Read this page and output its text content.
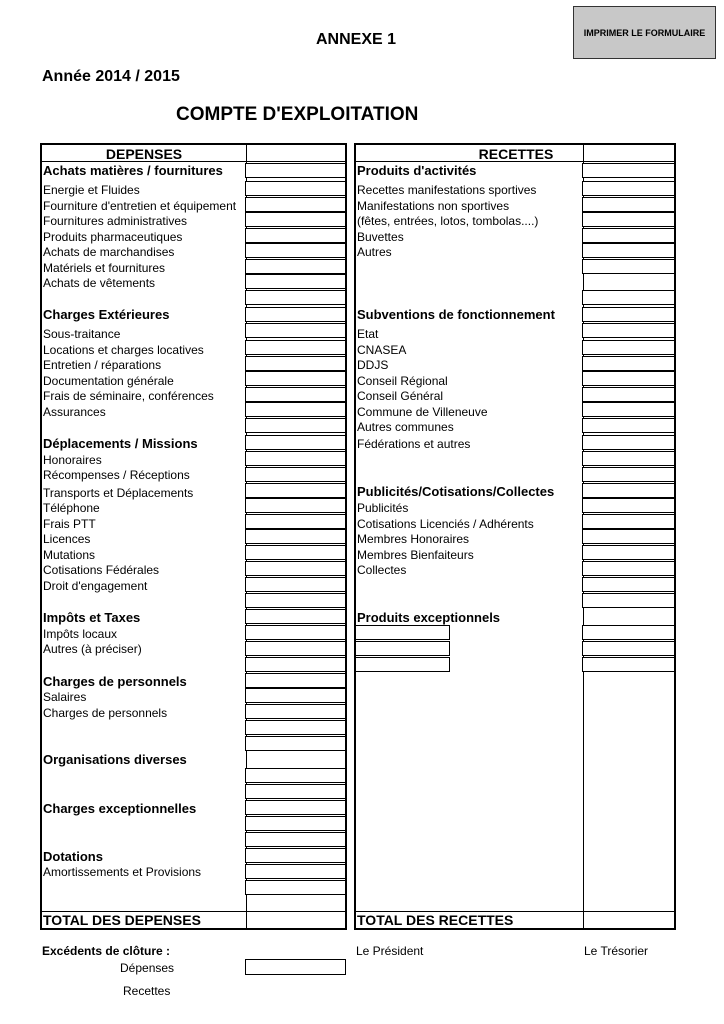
IMPRIMER LE FORMULAIRE
ANNEXE 1
Année 2014 / 2015
COMPTE D'EXPLOITATION
DEPENSES
Achats matières / fournitures
Energie et Fluides
Fourniture d'entretien et équipement
Fournitures administratives
Produits pharmaceutiques
Achats de marchandises
Matériels et fournitures
Achats de vêtements
Charges Extérieures
Sous-traitance
Locations et charges locatives
Entretien / réparations
Documentation générale
Frais de séminaire, conférences
Assurances
Déplacements / Missions
Honoraires
Récompenses / Réceptions
Transports et Déplacements
Téléphone
Frais PTT
Licences
Mutations
Cotisations Fédérales
Droit d'engagement
Impôts et Taxes
Impôts locaux
Autres (à préciser)
Charges de personnels
Salaires
Charges de personnels
Organisations diverses
Charges exceptionnelles
Dotations
Amortissements et Provisions
TOTAL DES DEPENSES
RECETTES
Produits d'activités
Recettes manifestations sportives
Manifestations non sportives
(fêtes, entrées, lotos, tombolas....)
Buvettes
Autres
Subventions de fonctionnement
Etat
CNASEA
DDJS
Conseil Régional
Conseil Général
Commune de Villeneuve
Autres communes
Fédérations et autres
Publicités/Cotisations/Collectes
Publicités
Cotisations Licenciés / Adhérents
Membres Honoraires
Membres Bienfaiteurs
Collectes
Produits exceptionnels
TOTAL DES RECETTES
Excédents de clôture :
Dépenses
Recettes
Le Président	Le Trésorier
